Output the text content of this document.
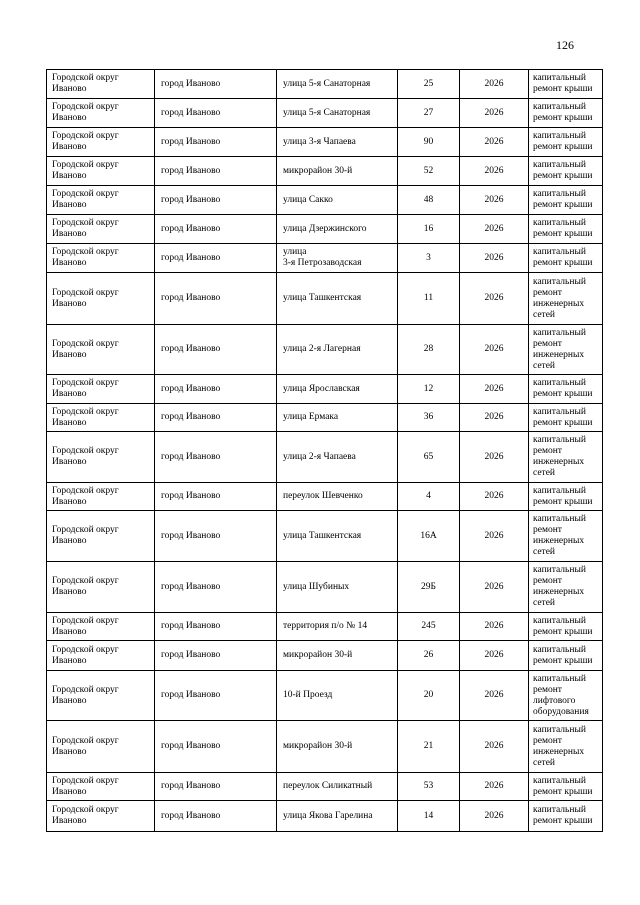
126
Городской округ
Иваново	город Иваново	улица 5-я Санаторная	25	2026	капитальный
ремонт крыши

Городской округ
Иваново	город Иваново	улица 5-я Санаторная	27	2026	капитальный
ремонт крыши

Городской округ
Иваново	город Иваново	улица 3-я Чапаева	90	2026	капитальный
ремонт крыши

Городской округ
Иваново	город Иваново	микрорайон 30-й	52	2026	капитальный
ремонт крыши

Городской округ
Иваново	город Иваново	улица Сакко	48	2026	капитальный
ремонт крыши

Городской округ
Иваново	город Иваново	улица Дзержинского	16	2026	капитальный
ремонт крыши

Городской округ
Иваново	город Иваново	улица
3-я Петрозаводская	3	2026	капитальный
ремонт крыши

Городской округ
Иваново	город Иваново	улица Ташкентская	11	2026	капитальный
ремонт
инженерных
сетей

Городской округ
Иваново	город Иваново	улица 2-я Лагерная	28	2026	капитальный
ремонт
инженерных
сетей

Городской округ
Иваново	город Иваново	улица Ярославская	12	2026	капитальный
ремонт крыши

Городской округ
Иваново	город Иваново	улица Ермака	36	2026	капитальный
ремонт крыши

Городской округ
Иваново	город Иваново	улица 2-я Чапаева	65	2026	капитальный
ремонт
инженерных
сетей

Городской округ
Иваново	город Иваново	переулок Шевченко	4	2026	капитальный
ремонт крыши

Городской округ
Иваново	город Иваново	улица Ташкентская	16А	2026	капитальный
ремонт
инженерных
сетей

Городской округ
Иваново	город Иваново	улица Шубиных	29Б	2026	капитальный
ремонт
инженерных
сетей

Городской округ
Иваново	город Иваново	территория п/о № 14	245	2026	капитальный
ремонт крыши

Городской округ
Иваново	город Иваново	микрорайон 30-й	26	2026	капитальный
ремонт крыши

Городской округ
Иваново	город Иваново	10-й Проезд	20	2026	капитальный
ремонт
лифтового
оборудования

Городской округ
Иваново	город Иваново	микрорайон 30-й	21	2026	капитальный
ремонт
инженерных
сетей

Городской округ
Иваново	город Иваново	переулок Силикатный	53	2026	капитальный
ремонт крыши

Городской округ
Иваново	город Иваново	улица Якова Гарелина	14	2026	капитальный
ремонт крыши
